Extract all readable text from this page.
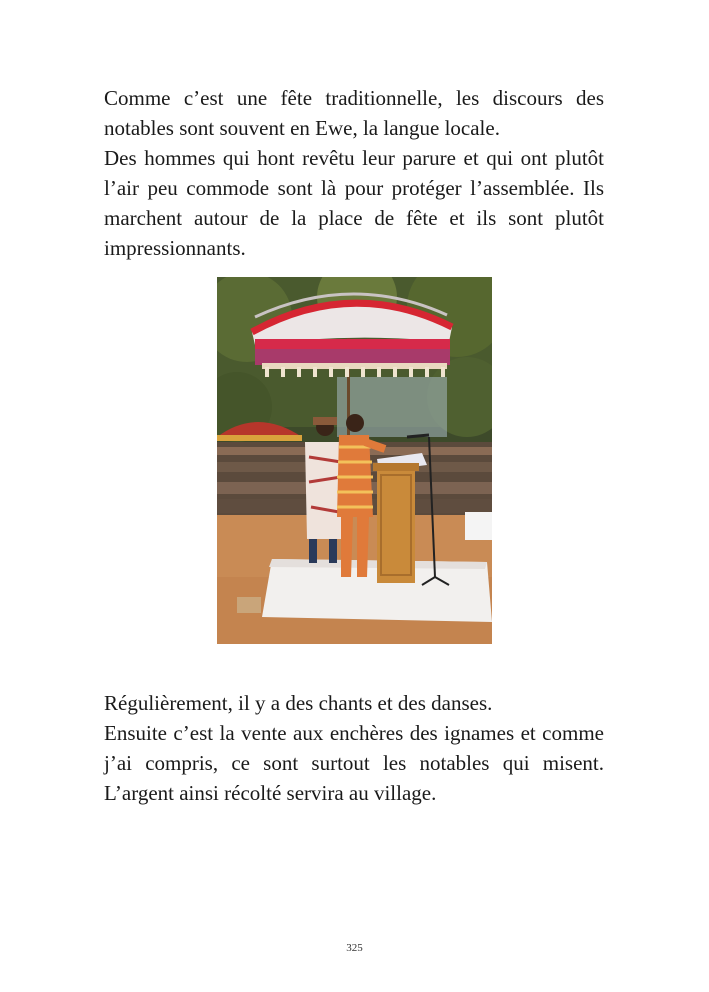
Comme c’est une fête traditionnelle, les discours des notables sont souvent en Ewe, la langue locale.

Des hommes qui hont revêtu leur parure et qui ont plutôt l’air peu commode sont là pour protéger l’assemblée. Ils marchent autour de la place de fête et ils sont plutôt impressionnants.

Régulièrement, il y a des chants et des danses.

Ensuite c’est la vente aux enchères des ignames et comme j’ai compris, ce sont surtout les notables qui misent. L’argent ainsi récolté servira au village.

325
